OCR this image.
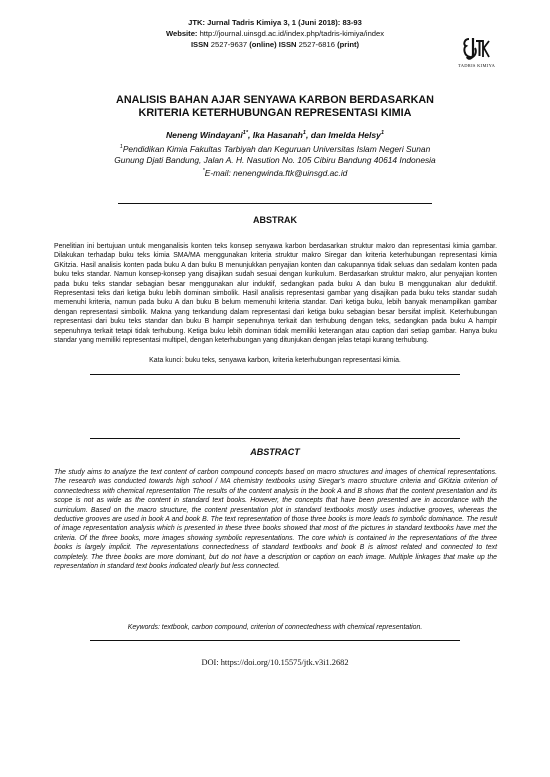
JTK: Jurnal Tadris Kimiya 3, 1 (Juni 2018): 83-93
Website: http://journal.uinsgd.ac.id/index.php/tadris-kimiya/index
ISSN 2527-9637 (online) ISSN 2527-6816 (print)
TADRIS KIMIYA
ANALISIS BAHAN AJAR SENYAWA KARBON BERDASARKAN
KRITERIA KETERHUBUNGAN REPRESENTASI KIMIA
Neneng Windayani$^{1*}$, Ika Hasanah$^1$, dan Imelda Helsy$^1$
$^1$Pendidikan Kimia Fakultas Tarbiyah dan Keguruan Universitas Islam Negeri Sunan
Gunung Djati Bandung, Jalan A. H. Nasution No. 105 Cibiru Bandung 40614 Indonesia
*E-mail: nenengwinda.ftk@uinsgd.ac.id
ABSTRAK
Penelitian ini bertujuan untuk menganalisis konten teks konsep senyawa karbon berdasarkan struktur makro dan representasi kimia gambar. Dilakukan terhadap buku teks kimia SMA/MA menggunakan kriteria struktur makro Siregar dan kriteria keterhubungan representasi kimia GKitzia. Hasil analisis konten pada buku A dan buku B menunjukkan penyajian konten dan cakupannya tidak seluas dan sedalam konten pada buku teks standar. Namun konsep-konsep yang disajikan sudah sesuai dengan kurikulum. Berdasarkan struktur makro, alur penyajian konten pada buku teks standar sebagian besar menggunakan alur induktif, sedangkan pada buku A dan buku B menggunakan alur deduktif. Representasi teks dari ketiga buku lebih dominan simbolik. Hasil analisis representasi gambar yang disajikan pada buku teks standar sudah memenuhi kriteria, namun pada buku A dan buku B belum memenuhi kriteria standar. Dari ketiga buku, lebih banyak menampilkan gambar dengan representasi simbolik. Makna yang terkandung dalam representasi dari ketiga buku sebagian besar bersifat implisit. Keterhubungan representasi dari buku teks standar dan buku B hampir sepenuhnya terkait dan terhubung dengan teks, sedangkan pada buku A hampir sepenuhnya terkait tetapi tidak terhubung. Ketiga buku lebih dominan tidak memiliki keterangan atau caption dari setiap gambar. Hanya buku standar yang memiliki representasi multipel, dengan keterhubungan yang ditunjukan dengan jelas tetapi kurang terhubung.
Kata kunci: buku teks, senyawa karbon, kriteria keterhubungan representasi kimia.
ABSTRACT
The study aims to analyze the text content of carbon compound concepts based on macro structures and images of chemical representations. The research was conducted towards high school / MA chemistry textbooks using Siregar's macro structure criteria and GKitzia criterion of connectedness with chemical representation The results of the content analysis in the book A and B shows that the content presentation and its scope is not as wide as the content in standard text books. However, the concepts that have been presented are in accordance with the curriculum. Based on the macro structure, the content presentation plot in standard textbooks mostly uses inductive grooves, whereas the deductive grooves are used in book A and book B. The text representation of those three books is more leads to symbolic dominance. The result of image representation analysis which is presented in these three books showed that most of the pictures in standard textbooks have met the criteria. Of the three books, more images showing symbolic representations. The core which is contained in the representations of the three books is largely implicit. The representations connectedness of standard textbooks and book B is almost related and connected to text completely. The three books are more dominant, but do not have a description or caption on each image. Multiple linkages that make up the representation in standard text books indicated clearly but less connected.
Keywords: textbook, carbon compound, criterion of connectedness with chemical representation.
DOI: https://doi.org/10.15575/jtk.v3i1.2682
